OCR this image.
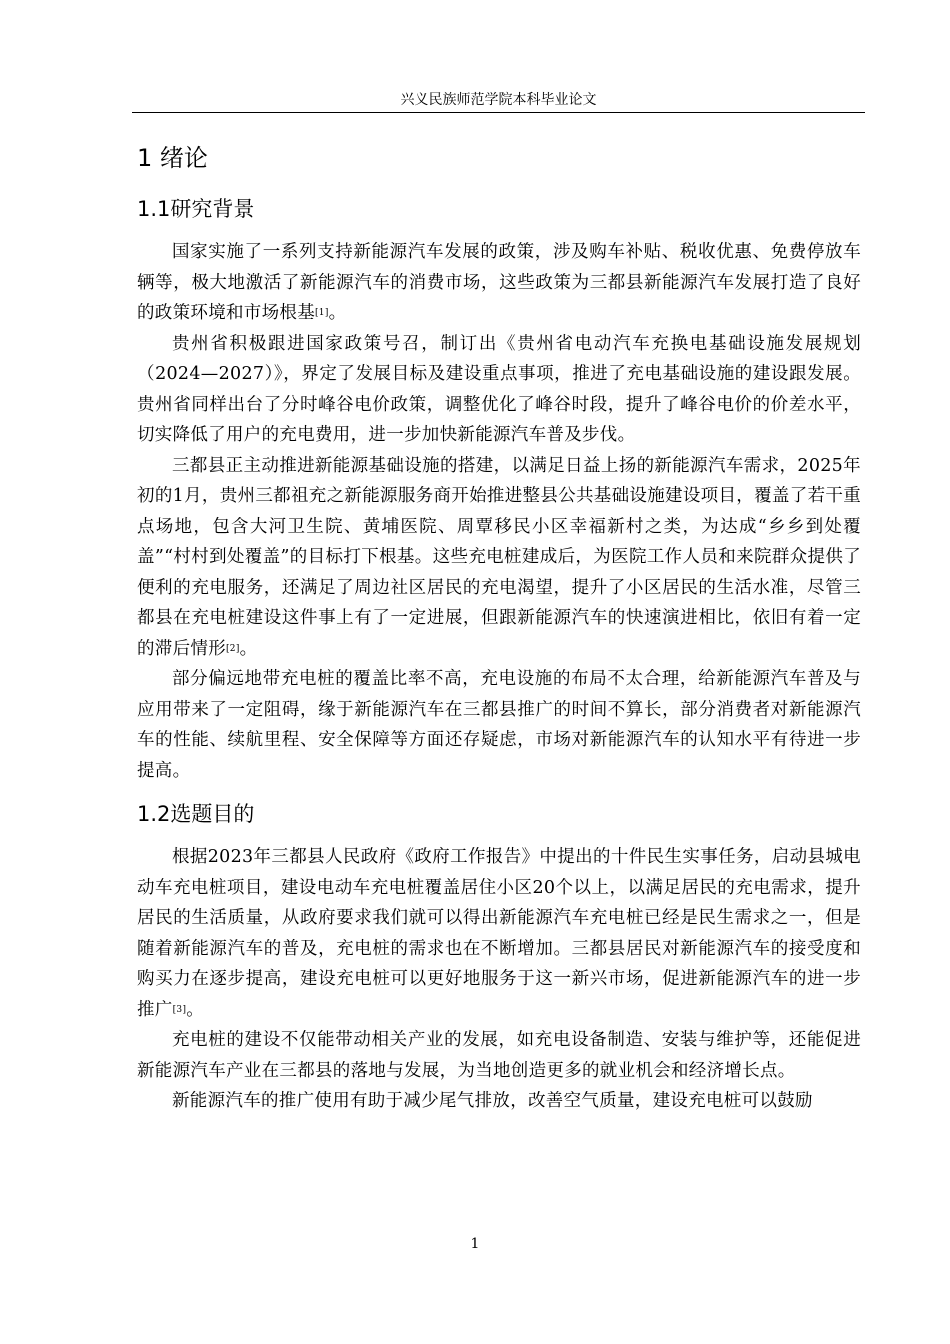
兴义民族师范学院本科毕业论文
1 绪论
1.1研究背景

国家实施了一系列支持新能源汽车发展的政策，涉及购车补贴、税收优惠、免费停放车辆等，极大地激活了新能源汽车的消费市场，这些政策为三都县新能源汽车发展打造了良好的政策环境和市场根基[1]。

贵州省积极跟进国家政策号召，制订出《贵州省电动汽车充换电基础设施发展规划（2024—2027）》，界定了发展目标及建设重点事项，推进了充电基础设施的建设跟发展。贵州省同样出台了分时峰谷电价政策，调整优化了峰谷时段，提升了峰谷电价的价差水平，切实降低了用户的充电费用，进一步加快新能源汽车普及步伐。

三都县正主动推进新能源基础设施的搭建，以满足日益上扬的新能源汽车需求，2025年初的1月，贵州三都祖充之新能源服务商开始推进整县公共基础设施建设项目，覆盖了若干重点场地，包含大河卫生院、黄埔医院、周覃移民小区幸福新村之类，为达成“乡乡到处覆盖”“村村到处覆盖”的目标打下根基。这些充电桩建成后，为医院工作人员和来院群众提供了便利的充电服务，还满足了周边社区居民的充电渴望，提升了小区居民的生活水准，尽管三都县在充电桩建设这件事上有了一定进展，但跟新能源汽车的快速演进相比，依旧有着一定的滞后情形[2]。

部分偏远地带充电桩的覆盖比率不高，充电设施的布局不太合理，给新能源汽车普及与应用带来了一定阻碍，缘于新能源汽车在三都县推广的时间不算长，部分消费者对新能源汽车的性能、续航里程、安全保障等方面还存疑虑，市场对新能源汽车的认知水平有待进一步提高。

1.2选题目的

根据2023年三都县人民政府《政府工作报告》中提出的十件民生实事任务，启动县城电动车充电桩项目，建设电动车充电桩覆盖居住小区20个以上，以满足居民的充电需求，提升居民的生活质量，从政府要求我们就可以得出新能源汽车充电桩已经是民生需求之一，但是随着新能源汽车的普及，充电桩的需求也在不断增加。三都县居民对新能源汽车的接受度和购买力在逐步提高，建设充电桩可以更好地服务于这一新兴市场，促进新能源汽车的进一步推广[3]。

充电桩的建设不仅能带动相关产业的发展，如充电设备制造、安装与维护等，还能促进新能源汽车产业在三都县的落地与发展，为当地创造更多的就业机会和经济增长点。

新能源汽车的推广使用有助于减少尾气排放，改善空气质量，建设充电桩可以鼓励

1
